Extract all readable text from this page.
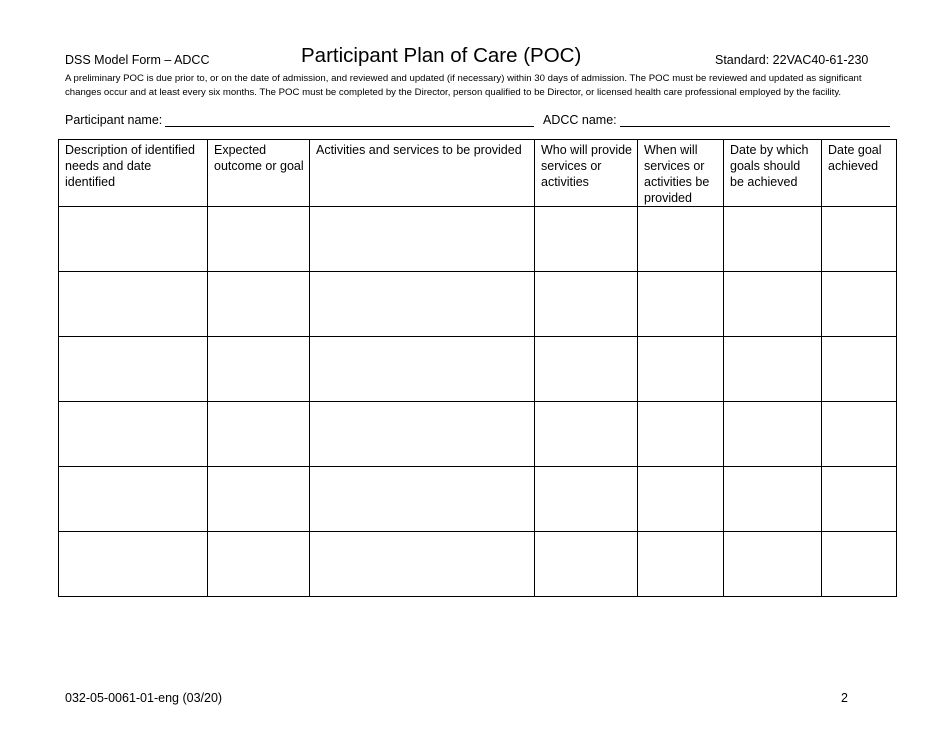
DSS Model Form – ADCC	Participant Plan of Care (POC)	Standard: 22VAC40-61-230
A preliminary POC is due prior to, or on the date of admission, and reviewed and updated (if necessary) within 30 days of admission. The POC must be reviewed and updated as significant
changes occur and at least every six months. The POC must be completed by the Director, person qualified to be Director, or licensed health care professional employed by the facility.
Participant name:	ADCC name:
Description of identified needs and date identified	Expected outcome or goal	Activities and services to be provided	Who will provide services or activities	When will services or activities be provided	Date by which goals should be achieved	Date goal achieved

032-05-0061-01-eng (03/20)	2
